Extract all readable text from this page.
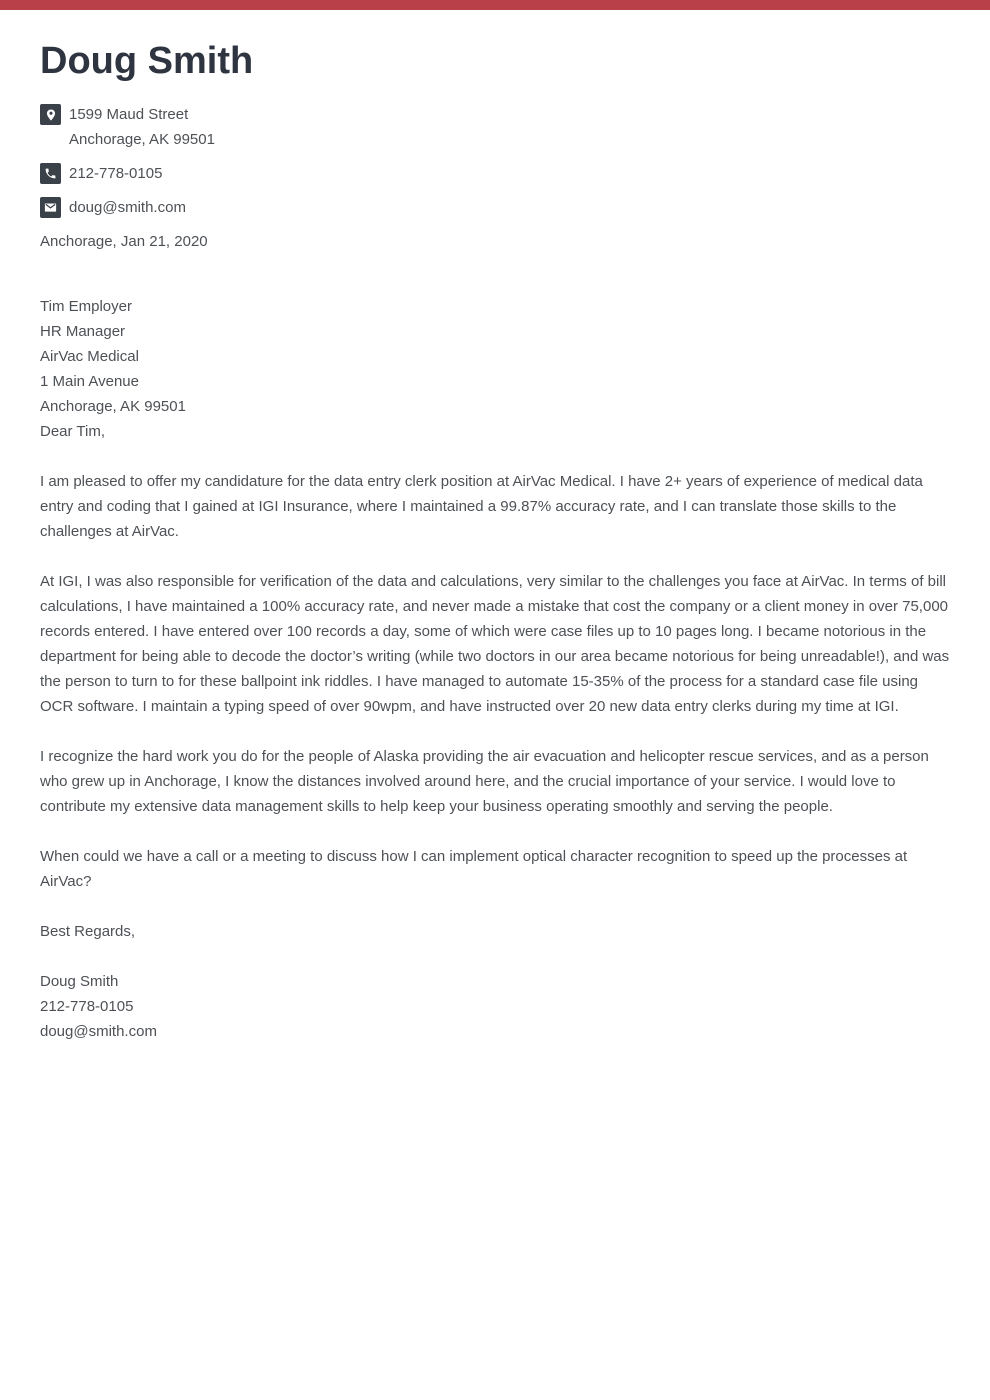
Doug Smith
1599 Maud Street
Anchorage, AK 99501
212-778-0105
doug@smith.com

Anchorage, Jan 21, 2020

Tim Employer
HR Manager
AirVac Medical
1 Main Avenue
Anchorage, AK 99501

Dear Tim,

I am pleased to offer my candidature for the data entry clerk position at AirVac Medical. I have 2+ years of experience of medical data entry and coding that I gained at IGI Insurance, where I maintained a 99.87% accuracy rate, and I can translate those skills to the challenges at AirVac.

At IGI, I was also responsible for verification of the data and calculations, very similar to the challenges you face at AirVac. In terms of bill calculations, I have maintained a 100% accuracy rate, and never made a mistake that cost the company or a client money in over 75,000 records entered. I have entered over 100 records a day, some of which were case files up to 10 pages long. I became notorious in the department for being able to decode the doctor’s writing (while two doctors in our area became notorious for being unreadable!), and was the person to turn to for these ballpoint ink riddles. I have managed to automate 15-35% of the process for a standard case file using OCR software. I maintain a typing speed of over 90wpm, and have instructed over 20 new data entry clerks during my time at IGI.

I recognize the hard work you do for the people of Alaska providing the air evacuation and helicopter rescue services, and as a person who grew up in Anchorage, I know the distances involved around here, and the crucial importance of your service. I would love to contribute my extensive data management skills to help keep your business operating smoothly and serving the people.

When could we have a call or a meeting to discuss how I can implement optical character recognition to speed up the processes at AirVac?

Best Regards,

Doug Smith
212-778-0105
doug@smith.com
